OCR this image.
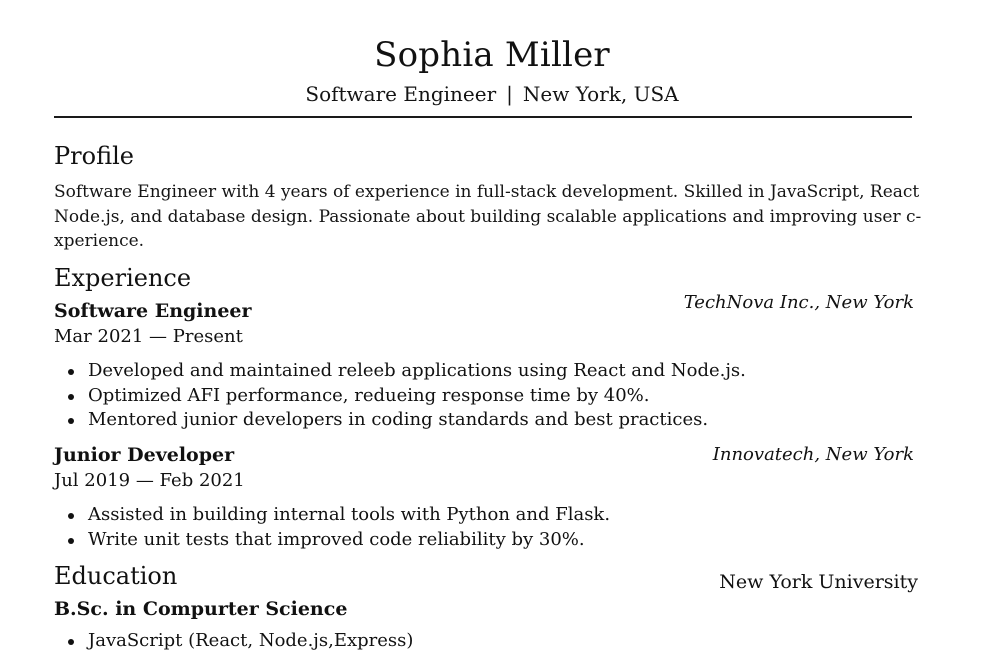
Sophia Miller
Software Engineer | New York, USA
Profile
Software Engineer with 4 years of experience in full-stack development. Skilled in JavaScript, React
Node.js, and database design. Passionate about building scalable applications and improving user c-
xperience.
Experience
Software Engineer	TechNova Inc., New York
Mar 2021 — Present
Developed and maintained releeb applications using React and Node.js.
Optimized AFI performance, redueing response time by 40%.
Mentored junior developers in coding standards and best practices.
Junior Developer	Innovatech, New York
Jul 2019 — Feb 2021
Assisted in building internal tools with Python and Flask.
Write unit tests that improved code reliability by 30%.
Education	New York University
B.Sc. in Compurter Science
JavaScript (React, Node.js,Express)
